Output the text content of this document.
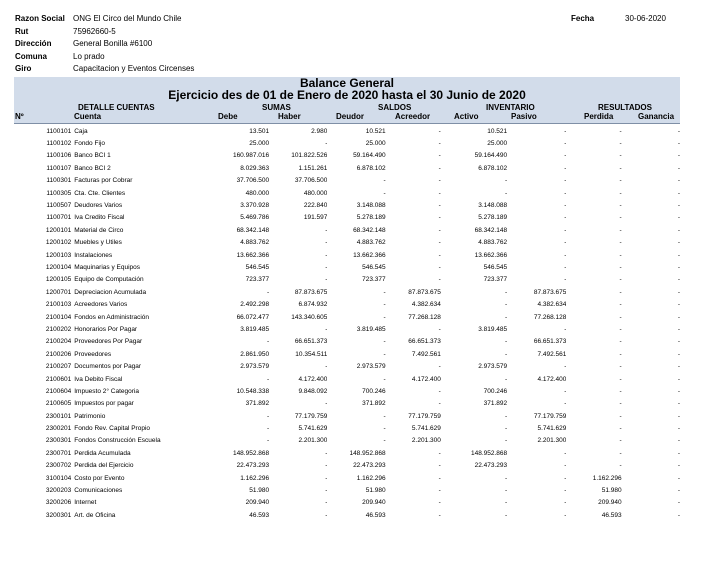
Razon Social ONG El Circo del Mundo Chile	Fecha	30-06-2020
Rut	75962660-5
Dirección	General Bonilla #6100
Comuna	Lo prado
Giro	Capacitacion y Eventos Circenses
Balance General
Ejercicio des de 01 de Enero de 2020 hasta el 30 Junio de 2020
DETALLE CUENTAS	SUMAS	SALDOS	INVENTARIO	RESULTADOS
Nº	Cuenta	Debe	Haber	Deudor	Acreedor	Activo	Pasivo	Perdida	Ganancia
	1100101	Caja	13.501	2.980	10.521	-	10.521	-	-	-
	1100102	Fondo Fijo	25.000	-	25.000	-	25.000	-	-	-
	1100106	Banco BCI 1	160.987.016	101.822.526	59.164.490	-	59.164.490	-	-	-
	1100107	Banco BCI 2	8.029.363	1.151.261	6.878.102	-	6.878.102	-	-	-
	1100301	Facturas por Cobrar	37.706.500	37.706.500	-	-	-	-	-	-
	1100305	Cta. Cte. Clientes	480.000	480.000	-	-	-	-	-	-
	1100507	Deudores Varios	3.370.928	222.840	3.148.088	-	3.148.088	-	-	-
	1100701	Iva Credito Fiscal	5.469.786	191.597	5.278.189	-	5.278.189	-	-	-
	1200101	Material de Circo	68.342.148	-	68.342.148	-	68.342.148	-	-	-
	1200102	Muebles y Utiles	4.883.762	-	4.883.762	-	4.883.762	-	-	-
	1200103	Instalaciones	13.662.366	-	13.662.366	-	13.662.366	-	-	-
	1200104	Maquinarias y Equipos	546.545	-	546.545	-	546.545	-	-	-
	1200105	Equipo de Computación	723.377	-	723.377	-	723.377	-	-	-
	1200701	Depreciacion Acumulada	-	87.873.675	-	87.873.675	-	87.873.675	-	-
	2100103	Acreedores Varios	2.492.298	6.874.932	-	4.382.634	-	4.382.634	-	-
	2100104	Fondos en Administración	66.072.477	143.340.605	-	77.268.128	-	77.268.128	-	-
	2100202	Honorarios Por Pagar	3.819.485	-	3.819.485	-	3.819.485	-	-	-
	2100204	Proveedores Por Pagar	-	66.651.373	-	66.651.373	-	66.651.373	-	-
	2100206	Proveedores	2.861.950	10.354.511	-	7.492.561	-	7.492.561	-	-
	2100207	Documentos por Pagar	2.973.579	-	2.973.579	-	2.973.579	-	-	-
	2100601	Iva Debito Fiscal	-	4.172.400	-	4.172.400	-	4.172.400	-	-
	2100604	Impuesto 2° Categoria	10.548.338	9.848.092	700.246	-	700.246	-	-	-
	2100605	Impuestos por pagar	371.892	-	371.892	-	371.892	-	-	-
	2300101	Patrimonio	-	77.179.759	-	77.179.759	-	77.179.759	-	-
	2300201	Fondo Rev. Capital Propio	-	5.741.629	-	5.741.629	-	5.741.629	-	-
	2300301	Fondos Construcción Escuela	-	2.201.300	-	2.201.300	-	2.201.300	-	-
	2300701	Perdida Acumulada	148.952.868	-	148.952.868	-	148.952.868	-	-	-
	2300702	Perdida del Ejercicio	22.473.293	-	22.473.293	-	22.473.293	-	-	-
	3100104	Costo por Evento	1.162.296	-	1.162.296	-	-	-	1.162.296	-
	3200203	Comunicaciones	51.980	-	51.980	-	-	-	51.980	-
	3200206	Internet	209.940	-	209.940	-	-	-	209.940	-
	3200301	Art. de Oficina	46.593	-	46.593	-	-	-	46.593	-
